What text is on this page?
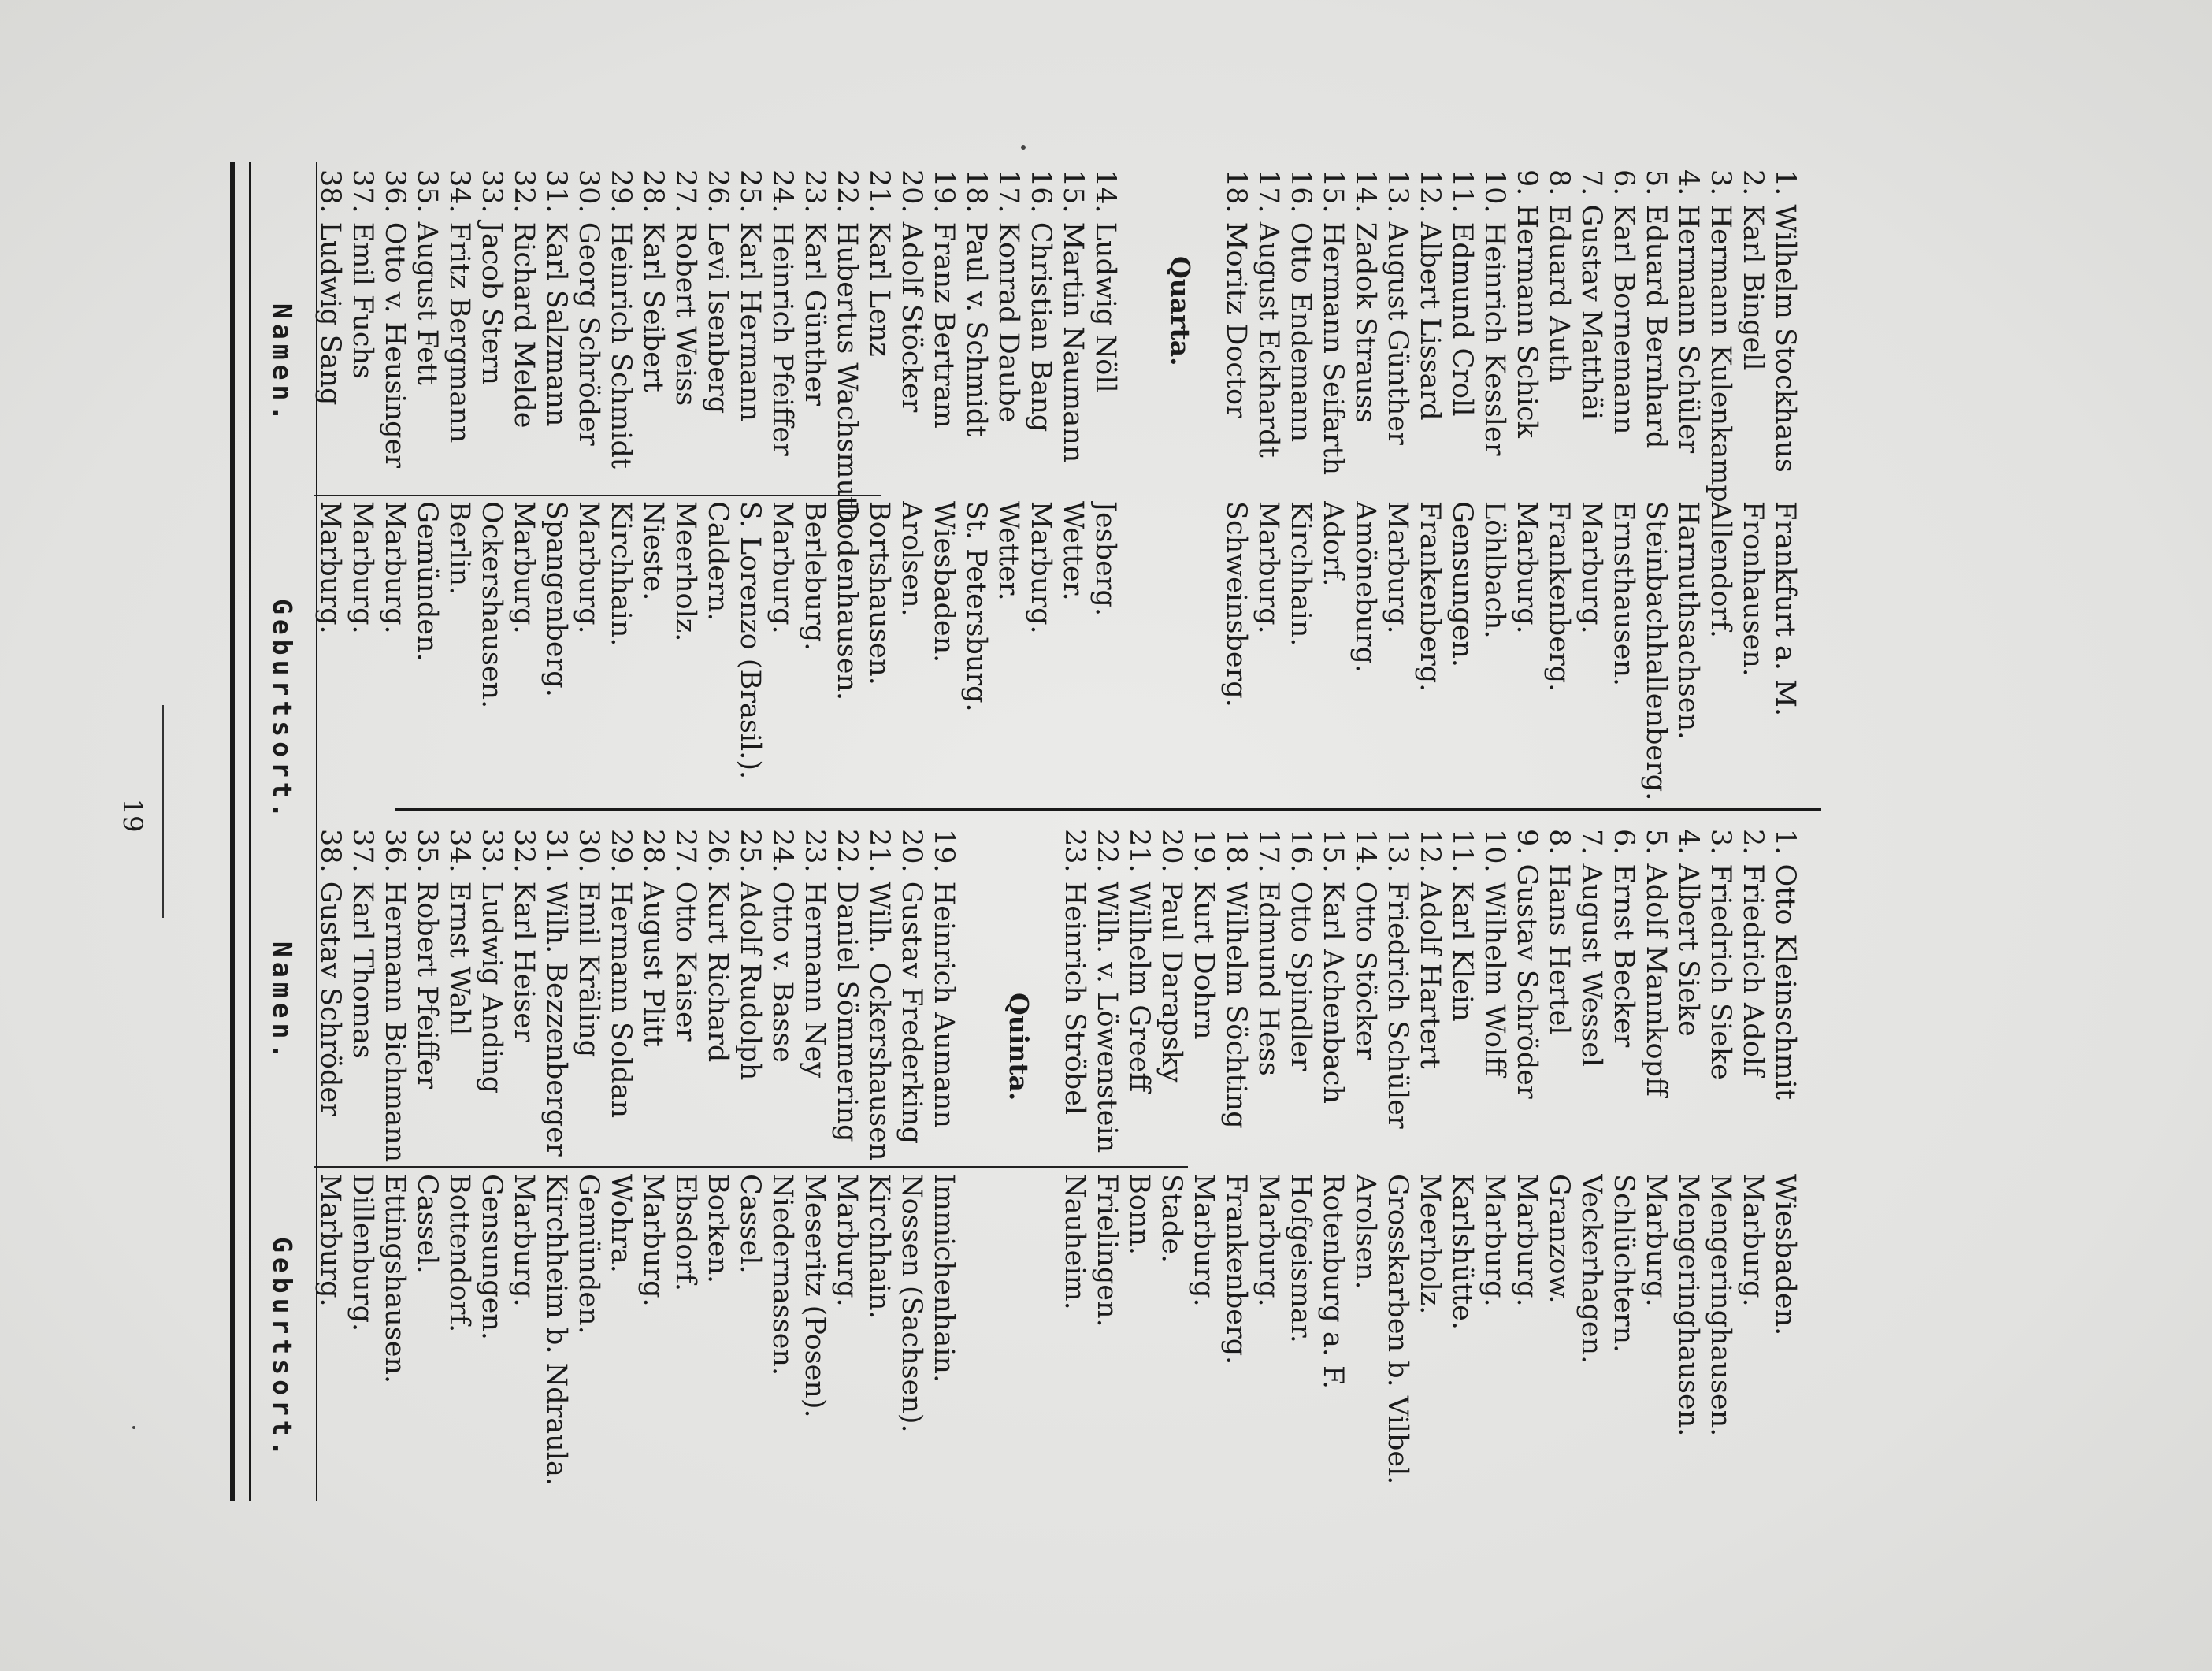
19
Namen.
Geburtsort.
Namen.
Geburtsort.
14. Ludwig Nöll
15. Martin Naumann
16. Christian Bang
17. Konrad Daube
18. Paul v. Schmidt
19. Franz Bertram
20. Adolf Stöcker
21. Karl Lenz
22. Hubertus Wachsmuth
23. Karl Günther
24. Heinrich Pfeiffer
25. Karl Hermann
26. Levi Isenberg
27. Robert Weiss
28. Karl Seibert
29. Heinrich Schmidt
30. Georg Schröder
31. Karl Salzmann
32. Richard Melde
33. Jacob Stern
34. Fritz Bergmann
35. August Fett
36. Otto v. Heusinger
37. Emil Fuchs
38. Ludwig Sang
Jesberg.
Wetter.
Marburg.
Wetter.
St. Petersburg.
Wiesbaden.
Arolsen.
Bortshausen.
Dodenhausen.
Berleburg.
Marburg.
S. Lorenzo (Brasil.).
Caldern.
Meerholz.
Nieste.
Kirchhain.
Marburg.
Spangenberg.
Marburg.
Ockershausen.
Berlin.
Gemünden.
Marburg.
Marburg.
Marburg.
Quarta.	1. Wilhelm Stockhaus
2. Karl Bingell
3. Hermann Kulenkamp
4. Hermann Schüler
5. Eduard Bernhard
6. Karl Bornemann
7. Gustav Matthäi
8. Eduard Auth
9. Hermann Schick
10. Heinrich Kessler
11. Edmund Croll
12. Albert Lissard
13. August Günther
14. Zadok Strauss
15. Hermann Seifarth
16. Otto Endemann
17. August Eckhardt
18. Moritz Doctor
Frankfurt a. M.
Fronhausen.
Allendorf.
Harnuthsachsen.
Steinbachhallenberg.
Ernsthausen.
Marburg.
Frankenberg.
Marburg.
Löhlbach.
Gensungen.
Frankenberg.
Marburg.
Amöneburg.
Adorf.
Kirchhain.
Marburg.
Schweinsberg.
19. Heinrich Aumann
20. Gustav Frederking
21. Wilh. Ockershausen
22. Daniel Sömmering
23. Hermann Ney
24. Otto v. Basse
25. Adolf Rudolph
26. Kurt Richard
27. Otto Kaiser
28. August Plitt
29. Hermann Soldan
30. Emil Kräling
31. Wilh. Bezzenberger
32. Karl Heiser
33. Ludwig Anding
34. Ernst Wahl
35. Robert Pfeiffer
36. Hermann Bichmann
37. Karl Thomas
38. Gustav Schröder
Immichenhain.
Nossen (Sachsen).
Kirchhain.
Marburg.
Meseritz (Posen).
Niedernassen.
Cassel.
Borken.
Ebsdorf.
Marburg.
Wohra.
Gemünden.
Kirchheim b. Ndraula.
Marburg.
Gensungen.
Bottendorf.
Cassel.
Ettingshausen.
Dillenburg.
Marburg.
Quinta.	1. Otto Kleinschmit
2. Friedrich Adolf
3. Friedrich Sieke
4. Albert Sieke
5. Adolf Mannkopff
6. Ernst Becker
7. August Wessel
8. Hans Hertel
9. Gustav Schröder
10. Wilhelm Wolff
11. Karl Klein
12. Adolf Hartert
13. Friedrich Schüler
14. Otto Stöcker
15. Karl Achenbach
16. Otto Spindler
17. Edmund Hess
18. Wilhelm Söchting
19. Kurt Dohrn
20. Paul Darapsky
21. Wilhelm Greeff
22. Wilh. v. Löwenstein
23. Heinrich Ströbel
Wiesbaden.
Marburg.
Mengeringhausen.
Mengeringhausen.
Marburg.
Schlüchtern.
Veckerhagen.
Granzow.
Marburg.
Marburg.
Karlshütte.
Meerholz.
Grosskarben b. Vilbel.
Arolsen.
Rotenburg a. F.
Hofgeismar.
Marburg.
Frankenberg.
Marburg.
Stade.
Bonn.
Frielingen.
Nauheim.
